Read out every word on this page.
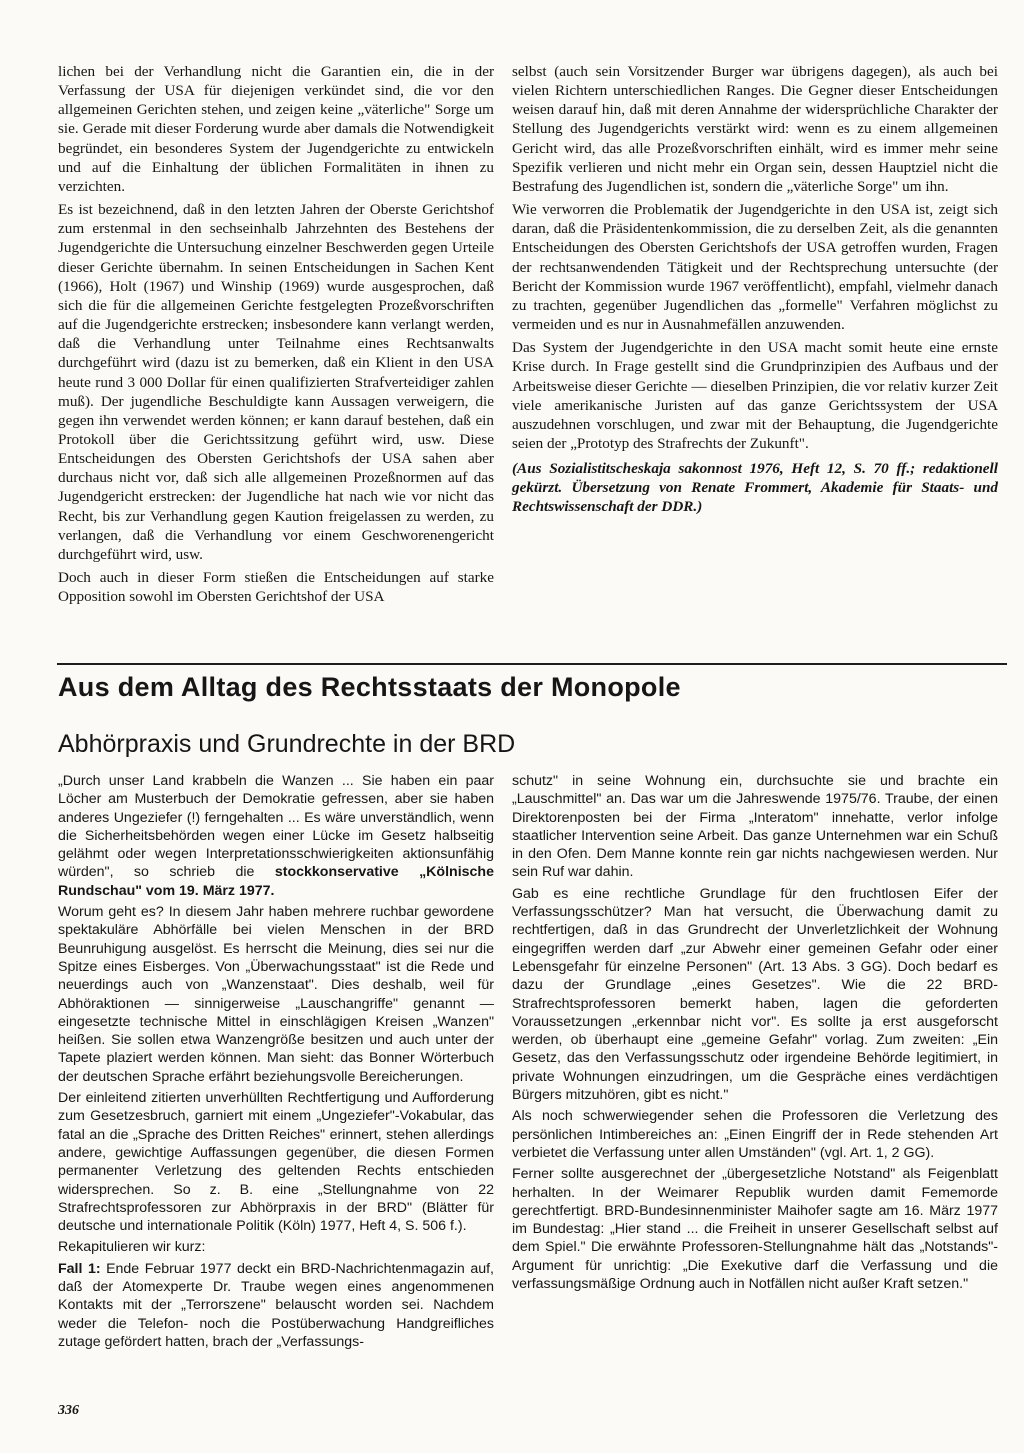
lichen bei der Verhandlung nicht die Garantien ein, die in der Verfassung der USA für diejenigen verkündet sind, die vor den allgemeinen Gerichten stehen, und zeigen keine „väterliche" Sorge um sie. Gerade mit dieser Forderung wurde aber damals die Notwendigkeit begründet, ein besonderes System der Jugendgerichte zu entwickeln und auf die Einhaltung der üblichen Formalitäten in ihnen zu verzichten.

Es ist bezeichnend, daß in den letzten Jahren der Oberste Gerichtshof zum erstenmal in den sechseinhalb Jahrzehnten des Bestehens der Jugendgerichte die Untersuchung einzelner Beschwerden gegen Urteile dieser Gerichte übernahm. In seinen Entscheidungen in Sachen Kent (1966), Holt (1967) und Winship (1969) wurde ausgesprochen, daß sich die für die allgemeinen Gerichte festgelegten Prozeßvorschriften auf die Jugendgerichte erstrecken; insbesondere kann verlangt werden, daß die Verhandlung unter Teilnahme eines Rechtsanwalts durchgeführt wird (dazu ist zu bemerken, daß ein Klient in den USA heute rund 3 000 Dollar für einen qualifizierten Strafverteidiger zahlen muß). Der jugendliche Beschuldigte kann Aussagen verweigern, die gegen ihn verwendet werden können; er kann darauf bestehen, daß ein Protokoll über die Gerichtssitzung geführt wird, usw. Diese Entscheidungen des Obersten Gerichtshofs der USA sahen aber durchaus nicht vor, daß sich alle allgemeinen Prozeßnormen auf das Jugendgericht erstrecken: der Jugendliche hat nach wie vor nicht das Recht, bis zur Verhandlung gegen Kaution freigelassen zu werden, zu verlangen, daß die Verhandlung vor einem Geschworenengericht durchgeführt wird, usw.

Doch auch in dieser Form stießen die Entscheidungen auf starke Opposition sowohl im Obersten Gerichtshof der USA

selbst (auch sein Vorsitzender Burger war übrigens dagegen), als auch bei vielen Richtern unterschiedlichen Ranges. Die Gegner dieser Entscheidungen weisen darauf hin, daß mit deren Annahme der widersprüchliche Charakter der Stellung des Jugendgerichts verstärkt wird: wenn es zu einem allgemeinen Gericht wird, das alle Prozeßvorschriften einhält, wird es immer mehr seine Spezifik verlieren und nicht mehr ein Organ sein, dessen Hauptziel nicht die Bestrafung des Jugendlichen ist, sondern die „väterliche Sorge" um ihn.

Wie verworren die Problematik der Jugendgerichte in den USA ist, zeigt sich daran, daß die Präsidentenkommission, die zu derselben Zeit, als die genannten Entscheidungen des Obersten Gerichtshofs der USA getroffen wurden, Fragen der rechtsanwendenden Tätigkeit und der Rechtsprechung untersuchte (der Bericht der Kommission wurde 1967 veröffentlicht), empfahl, vielmehr danach zu trachten, gegenüber Jugendlichen das „formelle" Verfahren möglichst zu vermeiden und es nur in Ausnahmefällen anzuwenden.

Das System der Jugendgerichte in den USA macht somit heute eine ernste Krise durch. In Frage gestellt sind die Grundprinzipien des Aufbaus und der Arbeitsweise dieser Gerichte — dieselben Prinzipien, die vor relativ kurzer Zeit viele amerikanische Juristen auf das ganze Gerichtssystem der USA auszudehnen vorschlugen, und zwar mit der Behauptung, die Jugendgerichte seien der „Prototyp des Strafrechts der Zukunft".

(Aus Sozialistitscheskaja sakonnost 1976, Heft 12, S. 70 ff.; redaktionell gekürzt. Übersetzung von Renate Frommert, Akademie für Staats- und Rechtswissenschaft der DDR.)

Aus dem Alltag des Rechtsstaats der Monopole
Abhörpraxis und Grundrechte in der BRD

„Durch unser Land krabbeln die Wanzen ... Sie haben ein paar Löcher am Musterbuch der Demokratie gefressen, aber sie haben anderes Ungeziefer (!) ferngehalten ... Es wäre unverständlich, wenn die Sicherheitsbehörden wegen einer Lücke im Gesetz halbseitig gelähmt oder wegen Interpretationsschwierigkeiten aktionsunfähig würden", so schrieb die stockkonservative „Kölnische Rundschau" vom 19. März 1977.

Worum geht es? In diesem Jahr haben mehrere ruchbar gewordene spektakuläre Abhörfälle bei vielen Menschen in der BRD Beunruhigung ausgelöst. Es herrscht die Meinung, dies sei nur die Spitze eines Eisberges. Von „Überwachungsstaat" ist die Rede und neuerdings auch von „Wanzenstaat". Dies deshalb, weil für Abhöraktionen — sinnigerweise „Lauschangriffe" genannt — eingesetzte technische Mittel in einschlägigen Kreisen „Wanzen" heißen. Sie sollen etwa Wanzengröße besitzen und auch unter der Tapete plaziert werden können. Man sieht: das Bonner Wörterbuch der deutschen Sprache erfährt beziehungsvolle Bereicherungen.

Der einleitend zitierten unverhüllten Rechtfertigung und Aufforderung zum Gesetzesbruch, garniert mit einem „Ungeziefer"-Vokabular, das fatal an die „Sprache des Dritten Reiches" erinnert, stehen allerdings andere, gewichtige Auffassungen gegenüber, die diesen Formen permanenter Verletzung des geltenden Rechts entschieden widersprechen. So z. B. eine „Stellungnahme von 22 Strafrechtsprofessoren zur Abhörpraxis in der BRD" (Blätter für deutsche und internationale Politik (Köln) 1977, Heft 4, S. 506 f.).

Rekapitulieren wir kurz:

Fall 1: Ende Februar 1977 deckt ein BRD-Nachrichtenmagazin auf, daß der Atomexperte Dr. Traube wegen eines angenommenen Kontakts mit der „Terrorszene" belauscht worden sei. Nachdem weder die Telefon- noch die Postüberwachung Handgreifliches zutage gefördert hatten, brach der „Verfassungs-

schutz" in seine Wohnung ein, durchsuchte sie und brachte ein „Lauschmittel" an. Das war um die Jahreswende 1975/76. Traube, der einen Direktorenposten bei der Firma „Interatom" innehatte, verlor infolge staatlicher Intervention seine Arbeit. Das ganze Unternehmen war ein Schuß in den Ofen. Dem Manne konnte rein gar nichts nachgewiesen werden. Nur sein Ruf war dahin.

Gab es eine rechtliche Grundlage für den fruchtlosen Eifer der Verfassungsschützer? Man hat versucht, die Überwachung damit zu rechtfertigen, daß in das Grundrecht der Unverletzlichkeit der Wohnung eingegriffen werden darf „zur Abwehr einer gemeinen Gefahr oder einer Lebensgefahr für einzelne Personen" (Art. 13 Abs. 3 GG). Doch bedarf es dazu der Grundlage „eines Gesetzes". Wie die 22 BRD-Strafrechtsprofessoren bemerkt haben, lagen die geforderten Voraussetzungen „erkennbar nicht vor". Es sollte ja erst ausgeforscht werden, ob überhaupt eine „gemeine Gefahr" vorlag. Zum zweiten: „Ein Gesetz, das den Verfassungsschutz oder irgendeine Behörde legitimiert, in private Wohnungen einzudringen, um die Gespräche eines verdächtigen Bürgers mitzuhören, gibt es nicht."

Als noch schwerwiegender sehen die Professoren die Verletzung des persönlichen Intimbereiches an: „Einen Eingriff der in Rede stehenden Art verbietet die Verfassung unter allen Umständen" (vgl. Art. 1, 2 GG).

Ferner sollte ausgerechnet der „übergesetzliche Notstand" als Feigenblatt herhalten. In der Weimarer Republik wurden damit Fememorde gerechtfertigt. BRD-Bundesinnenminister Maihofer sagte am 16. März 1977 im Bundestag: „Hier stand ... die Freiheit in unserer Gesellschaft selbst auf dem Spiel." Die erwähnte Professoren-Stellungnahme hält das „Notstands"-Argument für unrichtig: „Die Exekutive darf die Verfassung und die verfassungsmäßige Ordnung auch in Notfällen nicht außer Kraft setzen."

336
